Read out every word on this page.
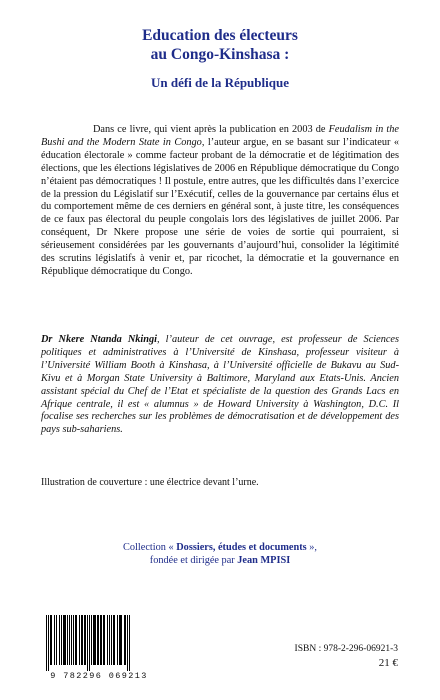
Education des électeurs
au Congo-Kinshasa :
Un défi de la République

Dans ce livre, qui vient après la publication en 2003 de Feudalism in the Bushi and the Modern State in Congo, l’auteur argue, en se basant sur l’indicateur « éducation électorale » comme facteur probant de la démocratie et de légitimation des élections, que les élections législatives de 2006 en République démocratique du Congo n’étaient pas démocratiques ! Il postule, entre autres, que les difficultés dans l’exercice de la pression du Législatif sur l’Exécutif, celles de la gouvernance par certains élus et du comportement même de ces derniers en général sont, à juste titre, les conséquences de ce faux pas électoral du peuple congolais lors des législatives de juillet 2006. Par conséquent, Dr Nkere propose une série de voies de sortie qui pourraient, si sérieusement considérées par les gouvernants d’aujourd’hui, consolider la légitimité des scrutins législatifs à venir et, par ricochet, la démocratie et la gouvernance en République démocratique du Congo.

Dr Nkere Ntanda Nkingi, l’auteur de cet ouvrage, est professeur de Sciences politiques et administratives à l’Université de Kinshasa, professeur visiteur à l’Université William Booth à Kinshasa, à l’Université officielle de Bukavu au Sud-Kivu et à Morgan State University à Baltimore, Maryland aux Etats-Unis. Ancien assistant spécial du Chef de l’Etat et spécialiste de la question des Grands Lacs en Afrique centrale, il est « alumnus » de Howard University à Washington, D.C. Il focalise ses recherches sur les problèmes de démocratisation et de développement des pays sub-sahariens.

Illustration de couverture : une électrice devant l’urne.

Collection « Dossiers, études et documents »,
fondée et dirigée par Jean MPISI

9 782296 069213
ISBN : 978-2-296-06921-3
21 €
